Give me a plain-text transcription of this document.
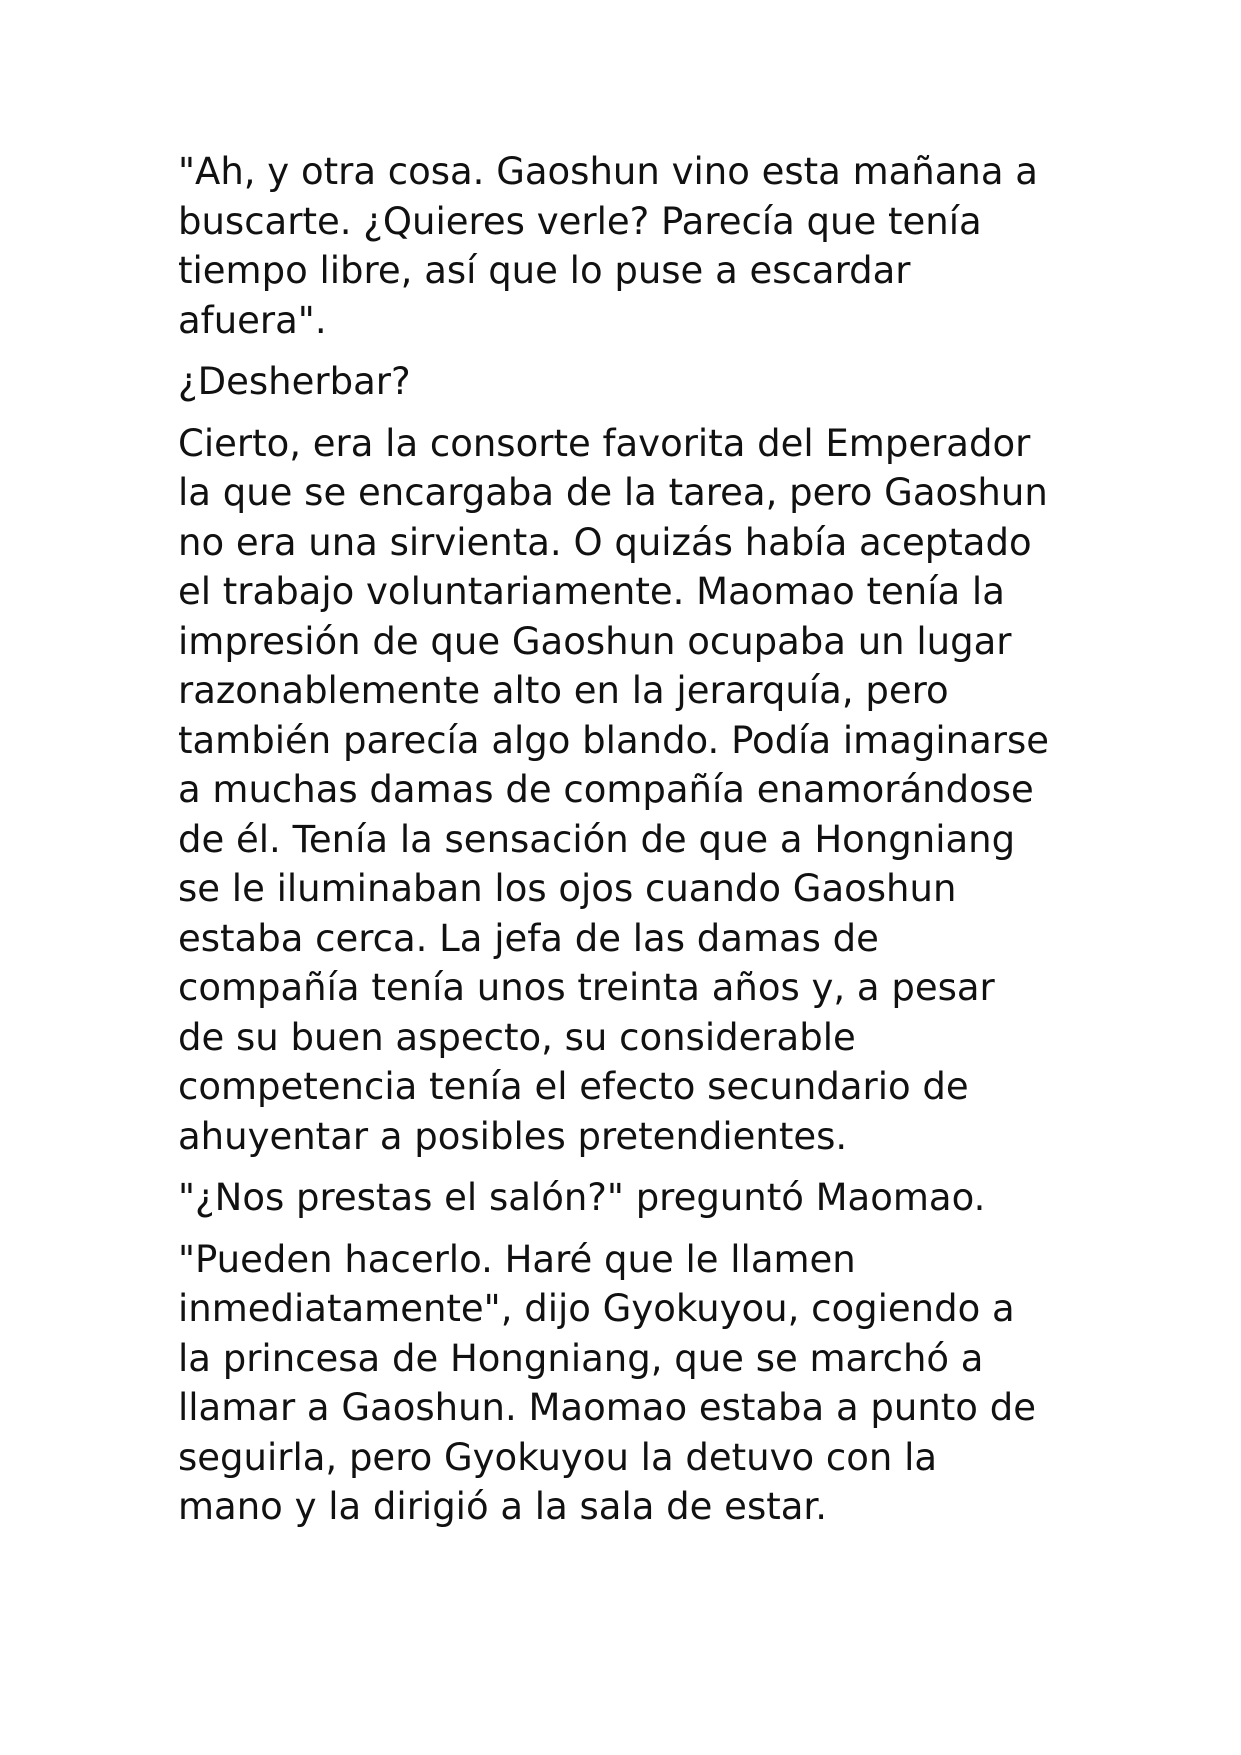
"Ah, y otra cosa. Gaoshun vino esta mañana a
buscarte. ¿Quieres verle? Parecía que tenía
tiempo libre, así que lo puse a escardar
afuera".

¿Desherbar?

Cierto, era la consorte favorita del Emperador
la que se encargaba de la tarea, pero Gaoshun
no era una sirvienta. O quizás había aceptado
el trabajo voluntariamente. Maomao tenía la
impresión de que Gaoshun ocupaba un lugar
razonablemente alto en la jerarquía, pero
también parecía algo blando. Podía imaginarse
a muchas damas de compañía enamorándose
de él. Tenía la sensación de que a Hongniang
se le iluminaban los ojos cuando Gaoshun
estaba cerca. La jefa de las damas de
compañía tenía unos treinta años y, a pesar
de su buen aspecto, su considerable
competencia tenía el efecto secundario de
ahuyentar a posibles pretendientes.

"¿Nos prestas el salón?" preguntó Maomao.

"Pueden hacerlo. Haré que le llamen
inmediatamente", dijo Gyokuyou, cogiendo a
la princesa de Hongniang, que se marchó a
llamar a Gaoshun. Maomao estaba a punto de
seguirla, pero Gyokuyou la detuvo con la
mano y la dirigió a la sala de estar.
